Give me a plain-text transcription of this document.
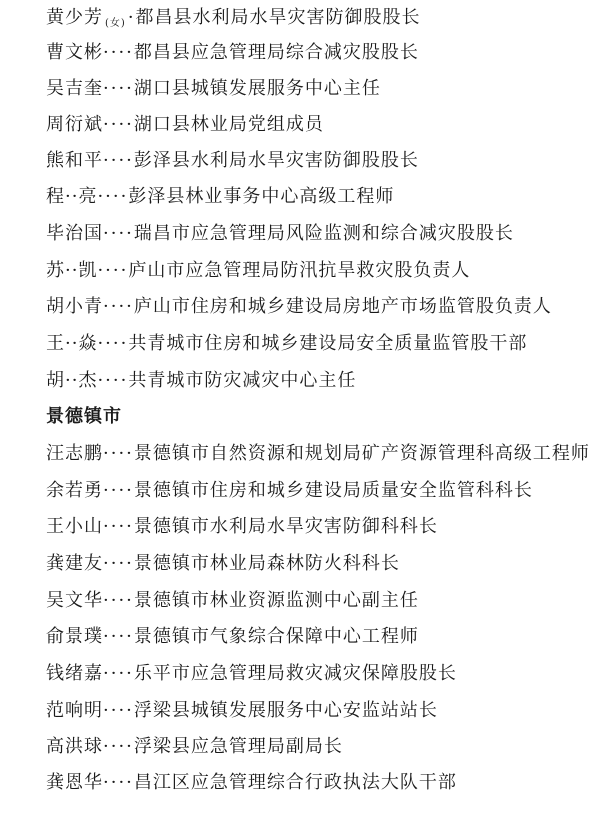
黄少芳 (女) ·都昌县水利局水旱灾害防御股股长
曹文彬····都昌县应急管理局综合减灾股股长
吴吉奎····湖口县城镇发展服务中心主任
周衍斌····湖口县林业局党组成员
熊和平····彭泽县水利局水旱灾害防御股股长
程··亮····彭泽县林业事务中心高级工程师
毕治国····瑞昌市应急管理局风险监测和综合减灾股股长
苏··凯····庐山市应急管理局防汛抗旱救灾股负责人
胡小青····庐山市住房和城乡建设局房地产市场监管股负责人
王··焱····共青城市住房和城乡建设局安全质量监管股干部
胡··杰····共青城市防灾减灾中心主任
景德镇市
汪志鹏····景德镇市自然资源和规划局矿产资源管理科高级工程师
余若勇····景德镇市住房和城乡建设局质量安全监管科科长
王小山····景德镇市水利局水旱灾害防御科科长
龚建友····景德镇市林业局森林防火科科长
吴文华····景德镇市林业资源监测中心副主任
俞景璞····景德镇市气象综合保障中心工程师
钱绪嘉····乐平市应急管理局救灾减灾保障股股长
范响明····浮梁县城镇发展服务中心安监站站长
高洪球····浮梁县应急管理局副局长
龚恩华····昌江区应急管理综合行政执法大队干部
